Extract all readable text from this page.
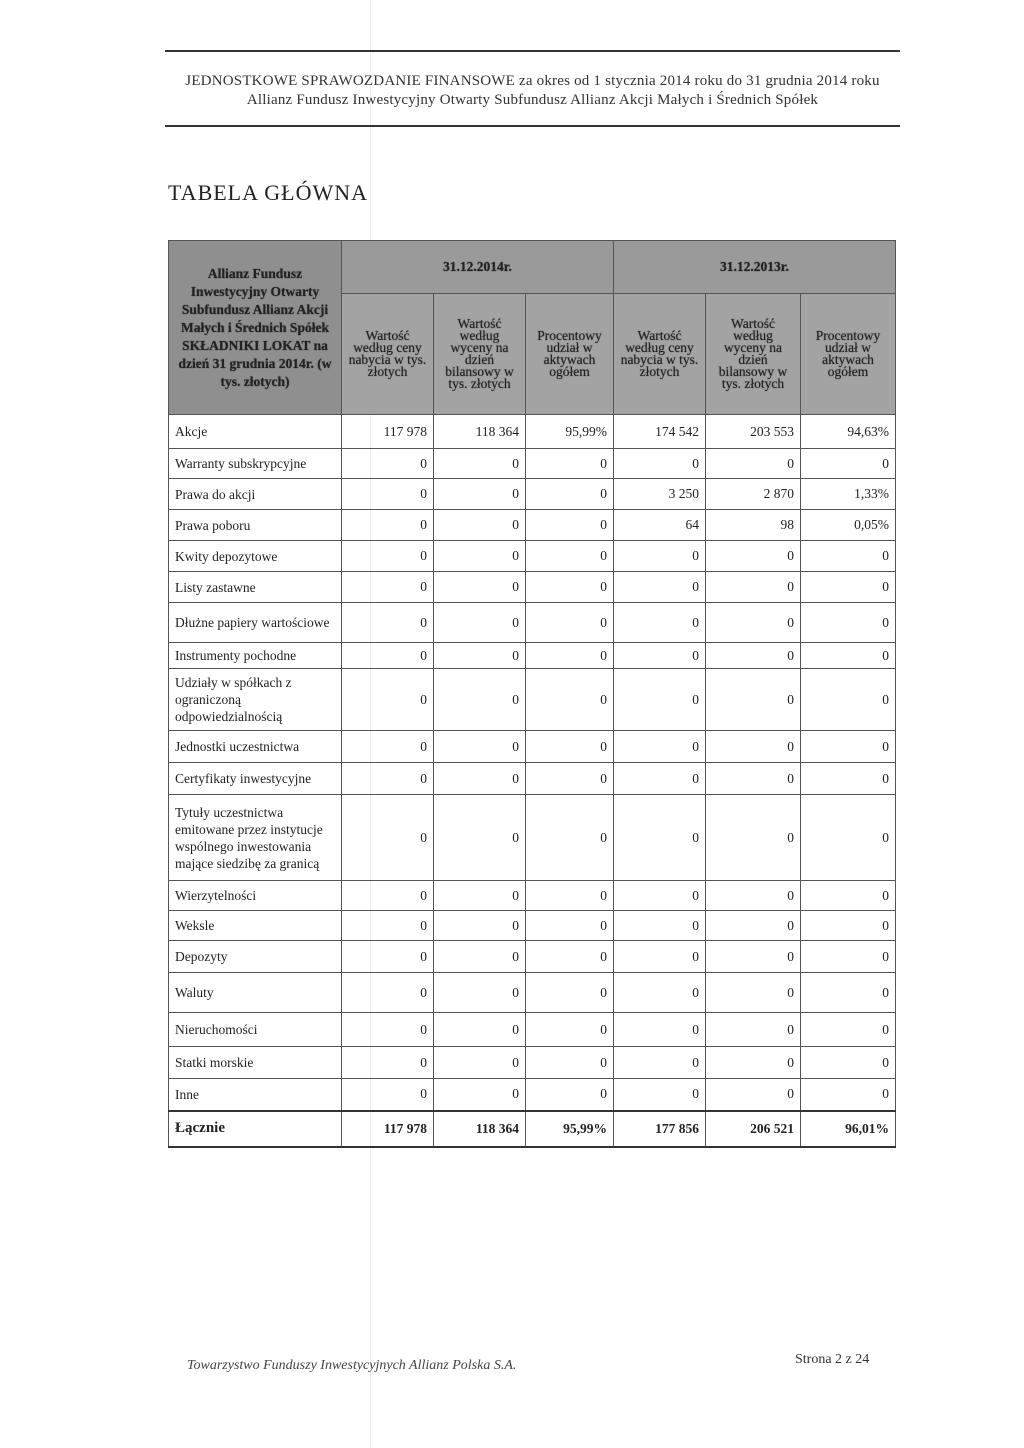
JEDNOSTKOWE SPRAWOZDANIE FINANSOWE za okres od 1 stycznia 2014 roku do 31 grudnia 2014 roku
Allianz Fundusz Inwestycyjny Otwarty Subfundusz Allianz Akcji Małych i Średnich Spółek
TABELA GŁÓWNA
Allianz Fundusz Inwestycyjny Otwarty Subfundusz Allianz Akcji Małych i Średnich Spółek SKŁADNIKI LOKAT na dzień 31 grudnia 2014r. (w tys. złotych)	31.12.2014r.			31.12.2013r.		
	Wartość według ceny nabycia w tys. złotych	Wartość według wyceny na dzień bilansowy w tys. złotych	Procentowy udział w aktywach ogółem	Wartość według ceny nabycia w tys. złotych	Wartość według wyceny na dzień bilansowy w tys. złotych	Procentowy udział w aktywach ogółem
Akcje	117 978	118 364	95,99%	174 542	203 553	94,63%
Warranty subskrypcyjne	0	0	0	0	0	0
Prawa do akcji	0	0	0	3 250	2 870	1,33%
Prawa poboru	0	0	0	64	98	0,05%
Kwity depozytowe	0	0	0	0	0	0
Listy zastawne	0	0	0	0	0	0
Dłużne papiery wartościowe	0	0	0	0	0	0
Instrumenty pochodne	0	0	0	0	0	0
Udziały w spółkach z ograniczoną odpowiedzialnością	0	0	0	0	0	0
Jednostki uczestnictwa	0	0	0	0	0	0
Certyfikaty inwestycyjne	0	0	0	0	0	0
Tytuły uczestnictwa emitowane przez instytucje wspólnego inwestowania mające siedzibę za granicą	0	0	0	0	0	0
Wierzytelności	0	0	0	0	0	0
Weksle	0	0	0	0	0	0
Depozyty	0	0	0	0	0	0
Waluty	0	0	0	0	0	0
Nieruchomości	0	0	0	0	0	0
Statki morskie	0	0	0	0	0	0
Inne	0	0	0	0	0	0
Łącznie	117 978	118 364	95,99%	177 856	206 521	96,01%
Towarzystwo Funduszy Inwestycyjnych Allianz Polska S.A.	Strona 2 z 24
